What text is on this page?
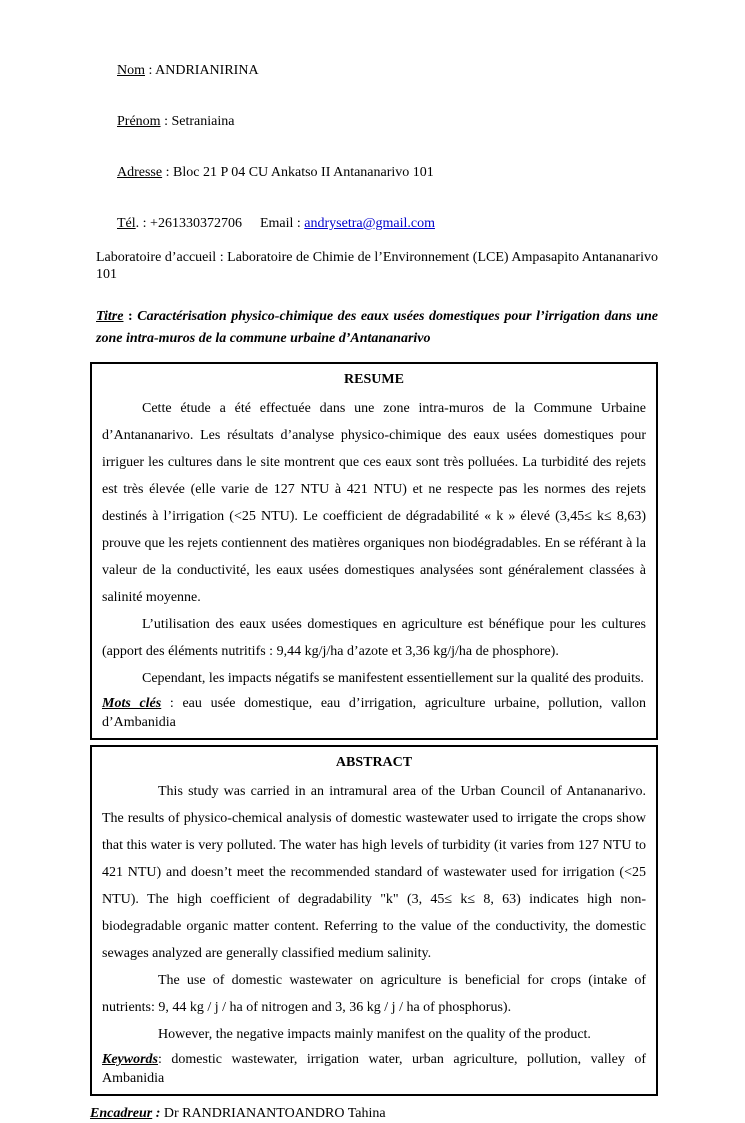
Nom : ANDRIANIRINA

Prénom : Setraniaina

Adresse : Bloc 21 P 04 CU Ankatso II Antananarivo 101

Tél. : +261330372706 Email : andrysetra@gmail.com

Laboratoire d’accueil : Laboratoire de Chimie de l’Environnement (LCE) Ampasapito Antananarivo 101
Titre : Caractérisation physico-chimique des eaux usées domestiques pour l’irrigation dans une zone intra-muros de la commune urbaine d’Antananarivo
RESUME

Cette étude a été effectuée dans une zone intra-muros de la Commune Urbaine d’Antananarivo. Les résultats d’analyse physico-chimique des eaux usées domestiques pour irriguer les cultures dans le site montrent que ces eaux sont très polluées. La turbidité des rejets est très élevée (elle varie de 127 NTU à 421 NTU) et ne respecte pas les normes des rejets destinés à l’irrigation (<25 NTU). Le coefficient de dégradabilité « k » élevé (3,45≤ k≤ 8,63) prouve que les rejets contiennent des matières organiques non biodégradables. En se référant à la valeur de la conductivité, les eaux usées domestiques analysées sont généralement classées à salinité moyenne.

L’utilisation des eaux usées domestiques en agriculture est bénéfique pour les cultures (apport des éléments nutritifs : 9,44 kg/j/ha d’azote et 3,36 kg/j/ha de phosphore).

Cependant, les impacts négatifs se manifestent essentiellement sur la qualité des produits.

Mots clés : eau usée domestique, eau d’irrigation, agriculture urbaine, pollution, vallon d’Ambanidia
ABSTRACT

This study was carried in an intramural area of the Urban Council of Antananarivo. The results of physico-chemical analysis of domestic wastewater used to irrigate the crops show that this water is very polluted. The water has high levels of turbidity (it varies from 127 NTU to 421 NTU) and doesn’t meet the recommended standard of wastewater used for irrigation (<25 NTU). The high coefficient of degradability "k" (3, 45≤ k≤ 8, 63) indicates high non-biodegradable organic matter content. Referring to the value of the conductivity, the domestic sewages analyzed are generally classified medium salinity.

The use of domestic wastewater on agriculture is beneficial for crops (intake of nutrients: 9, 44 kg / j / ha of nitrogen and 3, 36 kg / j / ha of phosphorus).

However, the negative impacts mainly manifest on the quality of the product.

Keywords: domestic wastewater, irrigation water, urban agriculture, pollution, valley of Ambanidia
Encadreur : Dr RANDRIANANTOANDRO Tahina
